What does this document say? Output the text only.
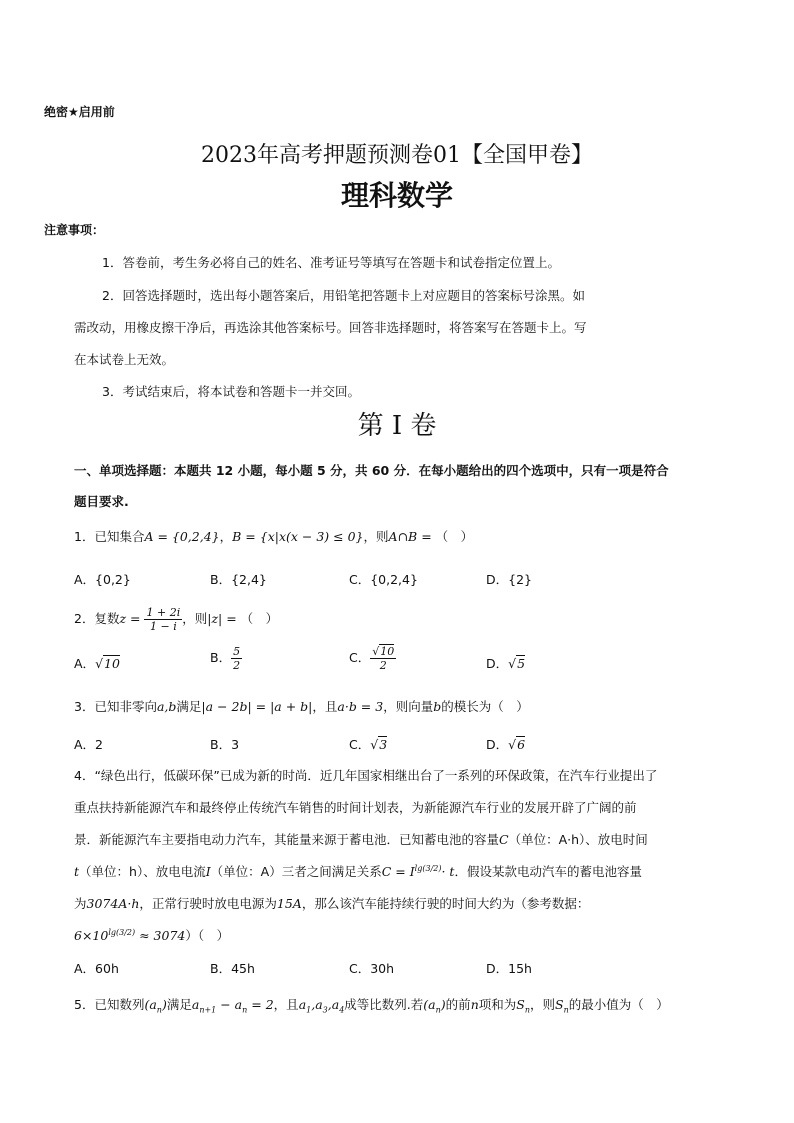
绝密★启用前
2023年高考押题预测卷01【全国甲卷】
理科数学
注意事项：
1．答卷前，考生务必将自己的姓名、准考证号等填写在答题卡和试卷指定位置上。
2．回答选择题时，选出每小题答案后，用铅笔把答题卡上对应题目的答案标号涂黑。如
需改动，用橡皮擦干净后，再选涂其他答案标号。回答非选择题时，将答案写在答题卡上。写
在本试卷上无效。
3．考试结束后，将本试卷和答题卡一并交回。
第 I 卷
一、单项选择题：本题共 12 小题，每小题 5 分，共 60 分．在每小题给出的四个选项中，只有一项是符合
题目要求.
1．已知集合A = {0,2,4}，B = {x|x(x − 3) ≤ 0}，则A∩B = （　）
A．{0,2}	B．{2,4}	C．{0,2,4}	D．{2}
2．复数$z = \frac{1 + 2i}{1 - i}$ ，则|z| = （　）
A．√10	B． $\frac{5}{2}$	C． $\frac{√10}{2}$	D．√5
3．已知非零向a,b满足|a − 2b| = |a + b|，且a·b = 3，则向量b的模长为（　）
A．2	B．3	C．√3	D．√6
4．“绿色出行，低碳环保”已成为新的时尚．近几年国家相继出台了一系列的环保政策，在汽车行业提出了
重点扶持新能源汽车和最终停止传统汽车销售的时间计划表，为新能源汽车行业的发展开辟了广阔的前
景．新能源汽车主要指电动力汽车，其能量来源于蓄电池．已知蓄电池的容量C（单位：A·h）、放电时间
t（单位：h）、放电电流I（单位：A）三者之间满足关系$C = I^{lg(3/2)}\cdot t$．假设某款电动汽车的蓄电池容量
为3074A·h，正常行驶时放电电源为15A，那么该汽车能持续行驶的时间大约为（参考数据：
$6\times 10^{lg(3/2)} \approx 3074$）（　）
A．60h	B．45h	C．30h	D．15h
5．已知数列$(a_n)$满足$a_{n+1} - a_n = 2$，且$a_1,a_3,a_4$成等比数列.若$(a_n)$的前n项和为$S_n$，则$S_n$的最小值为（　）
